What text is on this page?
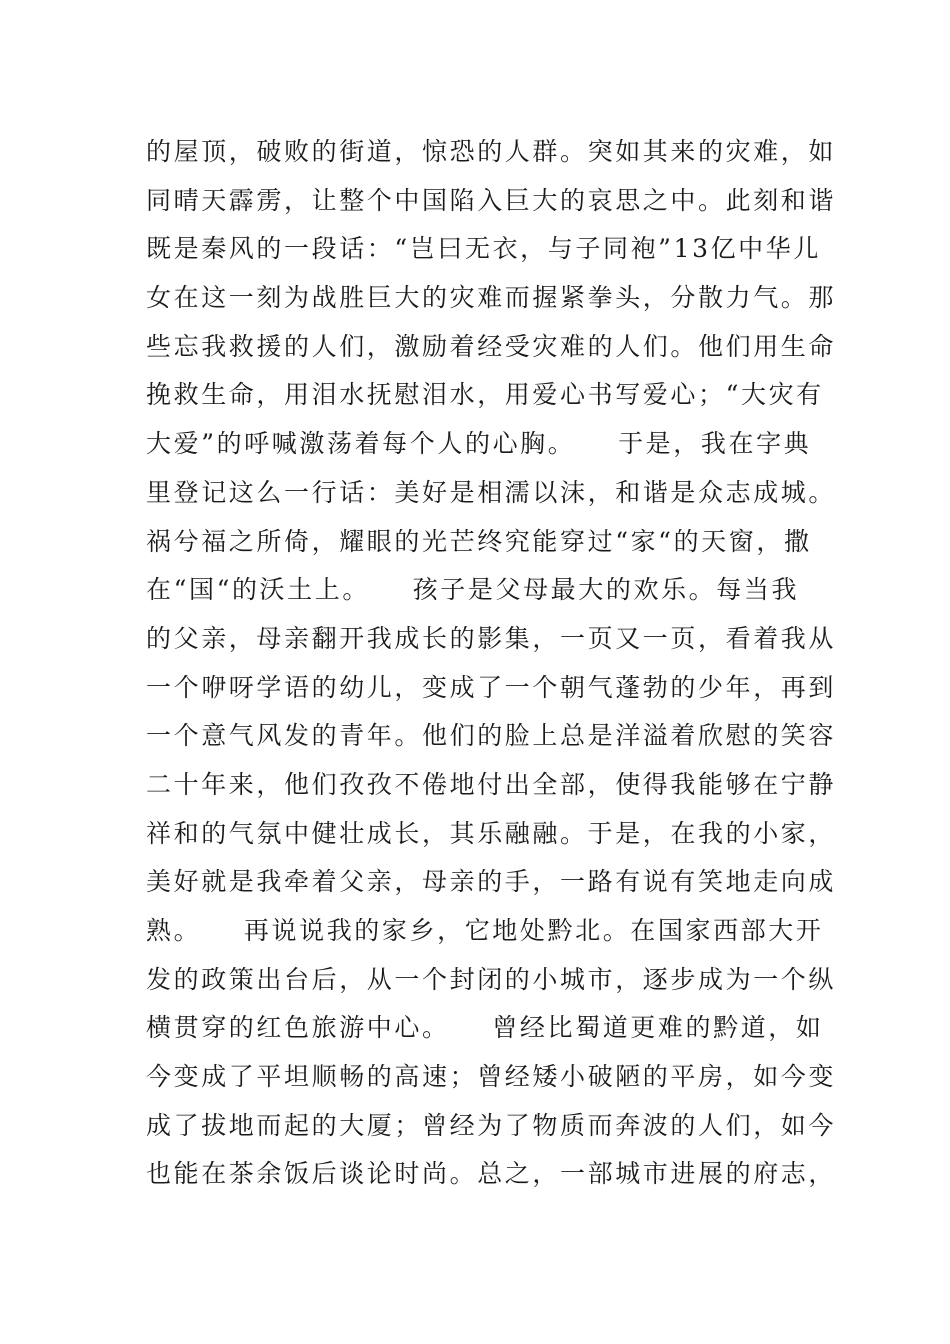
的屋顶，破败的街道，惊恐的人群。突如其来的灾难，如
同晴天霹雳，让整个中国陷入巨大的哀思之中。此刻和谐
既是秦风的一段话：“岂曰无衣，与子同袍”13亿中华儿
女在这一刻为战胜巨大的灾难而握紧拳头，分散力气。那
些忘我救援的人们，激励着经受灾难的人们。他们用生命
挽救生命，用泪水抚慰泪水，用爱心书写爱心；“大灾有
大爱”的呼喊激荡着每个人的心胸。　　于是，我在字典
里登记这么一行话：美好是相濡以沫，和谐是众志成城。
祸兮福之所倚，耀眼的光芒终究能穿过“家“的天窗，撒
在“国“的沃土上。　　孩子是父母最大的欢乐。每当我
的父亲，母亲翻开我成长的影集，一页又一页，看着我从
一个咿呀学语的幼儿，变成了一个朝气蓬勃的少年，再到
一个意气风发的青年。他们的脸上总是洋溢着欣慰的笑容
二十年来，他们孜孜不倦地付出全部，使得我能够在宁静
祥和的气氛中健壮成长，其乐融融。于是，在我的小家，
美好就是我牵着父亲，母亲的手，一路有说有笑地走向成
熟。　　再说说我的家乡，它地处黔北。在国家西部大开
发的政策出台后，从一个封闭的小城市，逐步成为一个纵
横贯穿的红色旅游中心。　　曾经比蜀道更难的黔道，如
今变成了平坦顺畅的高速；曾经矮小破陋的平房，如今变
成了拔地而起的大厦；曾经为了物质而奔波的人们，如今
也能在茶余饭后谈论时尚。总之，一部城市进展的府志，
